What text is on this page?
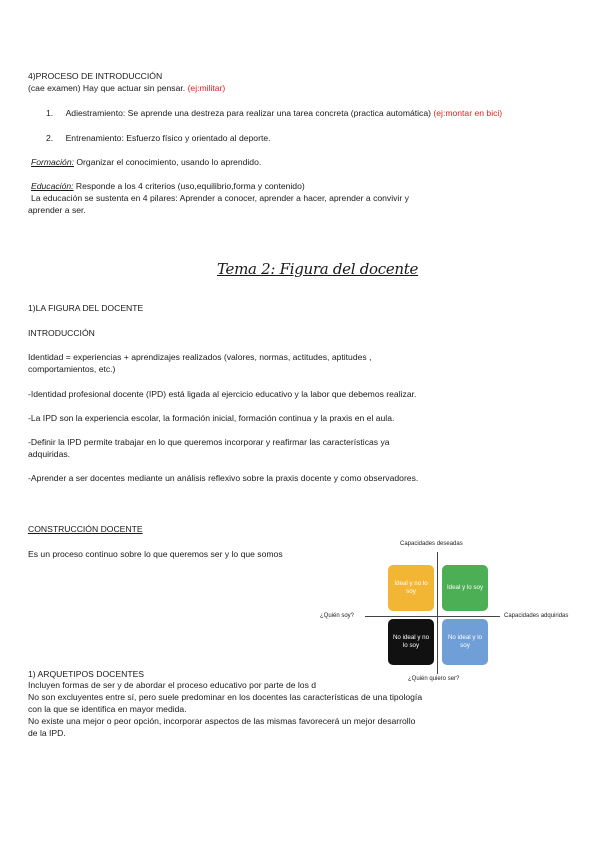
4)PROCESO DE INTRODUCCIÓN
(cae examen) Hay que actuar sin pensar. (ej:militar)
1. Adiestramiento: Se aprende una destreza para realizar una tarea concreta (practica automática) (ej:montar en bici)
2. Entrenamiento: Esfuerzo físico y orientado al deporte.
Formación: Organizar el conocimiento, usando lo aprendido.
Educación: Responde a los 4 criterios (uso,equilibrio,forma y contenido)
La educación se sustenta en 4 pilares: Aprender a conocer, aprender a hacer, aprender a convivir y
aprender a ser.
Tema 2: Figura del docente
1)LA FIGURA DEL DOCENTE
INTRODUCCIÓN
Identidad = experiencias + aprendizajes realizados (valores, normas, actitudes, aptitudes ,
comportamientos, etc.)
-Identidad profesional docente (IPD) está ligada al ejercicio educativo y la labor que debemos realizar.
-La IPD son la experiencia escolar, la formación inicial, formación continua y la praxis en el aula.
-Definir la IPD permite trabajar en lo que queremos incorporar y reafirmar las características ya
adquiridas.
-Aprender a ser docentes mediante un análisis reflexivo sobre la praxis docente y como observadores.
CONSTRUCCIÓN DOCENTE
Es un proceso continuo sobre lo que queremos ser y lo que somos
Capacidades deseadas
¿Quién soy?	Capacidades adquiridas
¿Quién quiero ser?
Ideal y no lo soy
Ideal y lo soy
No ideal y no lo soy
No ideal y lo soy
1) ARQUETIPOS DOCENTES
Incluyen formas de ser y de abordar el proceso educativo por parte de los d
No son excluyentes entre sí, pero suele predominar en los docentes las características de una tipología
con la que se identifica en mayor medida.
No existe una mejor o peor opción, incorporar aspectos de las mismas favorecerá un mejor desarrollo
de la IPD.
